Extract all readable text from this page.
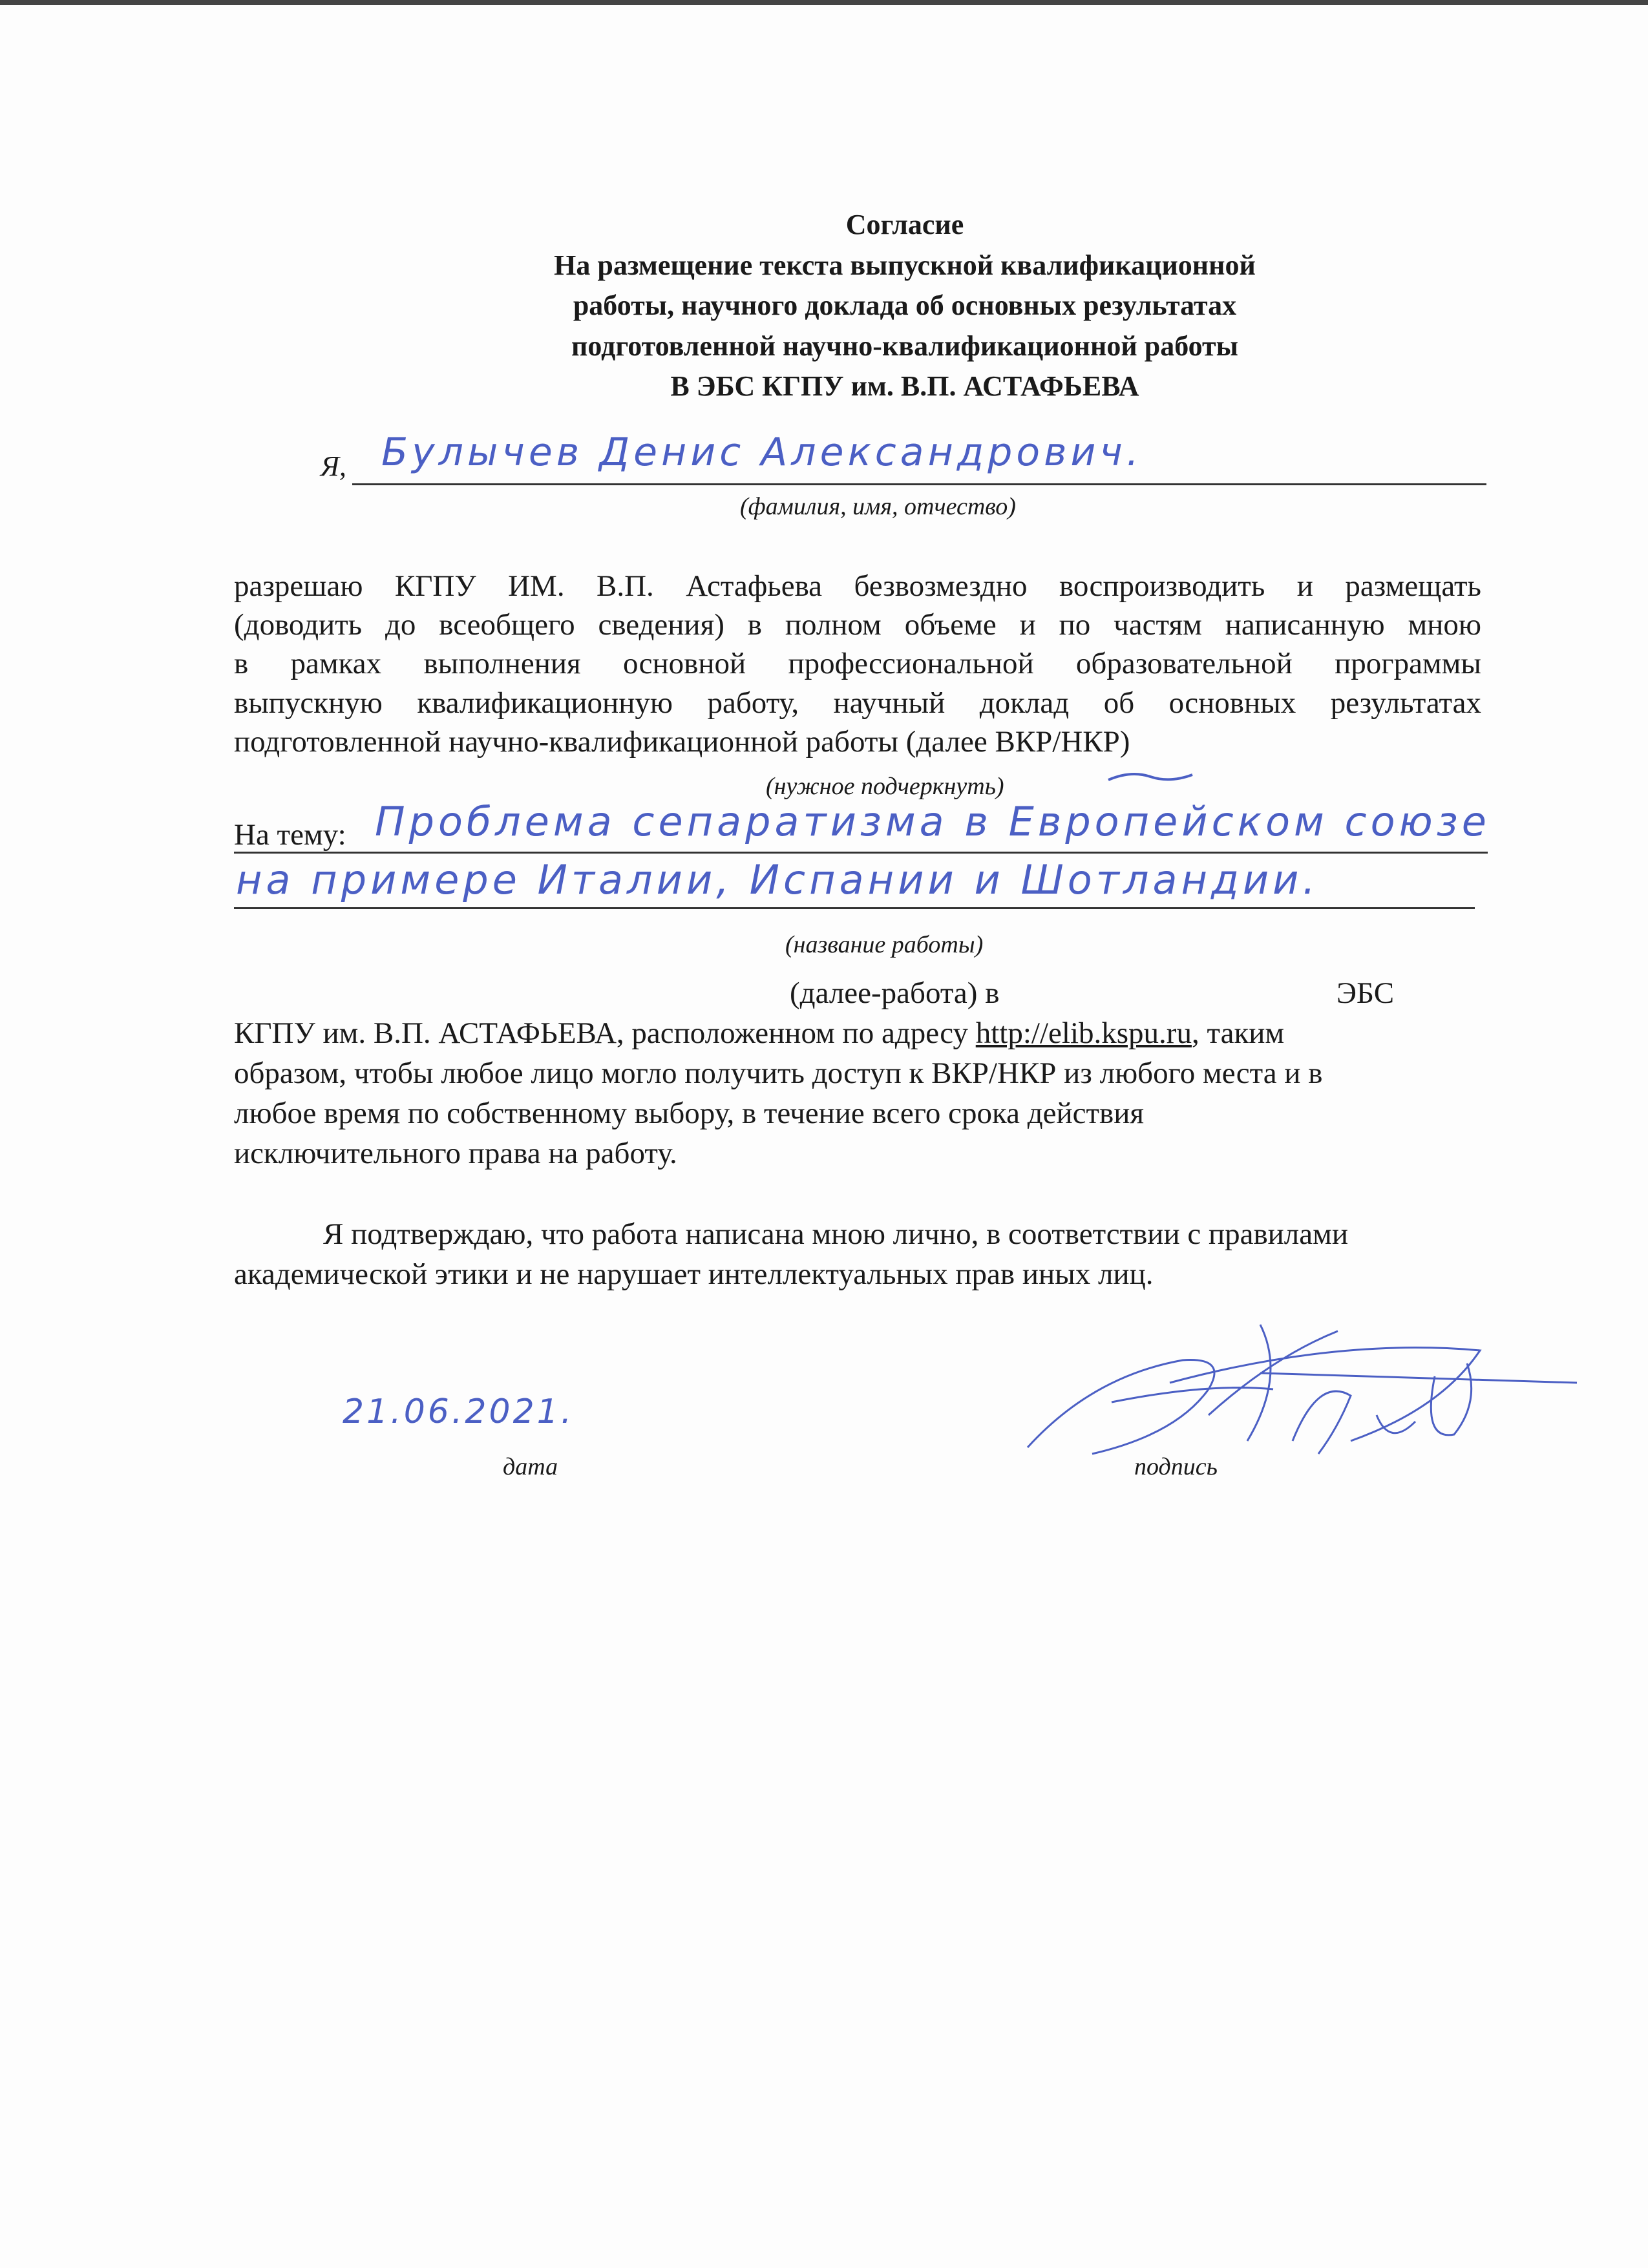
Согласие
На размещение текста выпускной квалификационной
работы, научного доклада об основных результатах
подготовленной научно-квалификационной работы
В ЭБС КГПУ им. В.П. АСТАФЬЕВА
Я, Булычев Денис Александрович.
(фамилия, имя, отчество)
разрешаю КГПУ ИМ. В.П. Астафьева безвозмездно воспроизводить и размещать
(доводить до всеобщего сведения) в полном объеме и по частям написанную мною
в рамках выполнения основной профессиональной образовательной программы
выпускную квалификационную работу, научный доклад об основных результатах
подготовленной научно-квалификационной работы (далее ВКР/НКР)
(нужное подчеркнуть)
На тему: Проблема сепаратизма в Европейском союзе
на примере Италии, Испании и Шотландии.
(название работы)
(далее-работа) в	ЭБС
КГПУ им. В.П. АСТАФЬЕВА, расположенном по адресу http://elib.kspu.ru, таким
образом, чтобы любое лицо могло получить доступ к ВКР/НКР из любого места и в
любое время по собственному выбору, в течение всего срока действия
исключительного права на работу.
Я подтверждаю, что работа написана мною лично, в соответствии с правилами
академической этики и не нарушает интеллектуальных прав иных лиц.
21.06.2021.
дата	подпись
